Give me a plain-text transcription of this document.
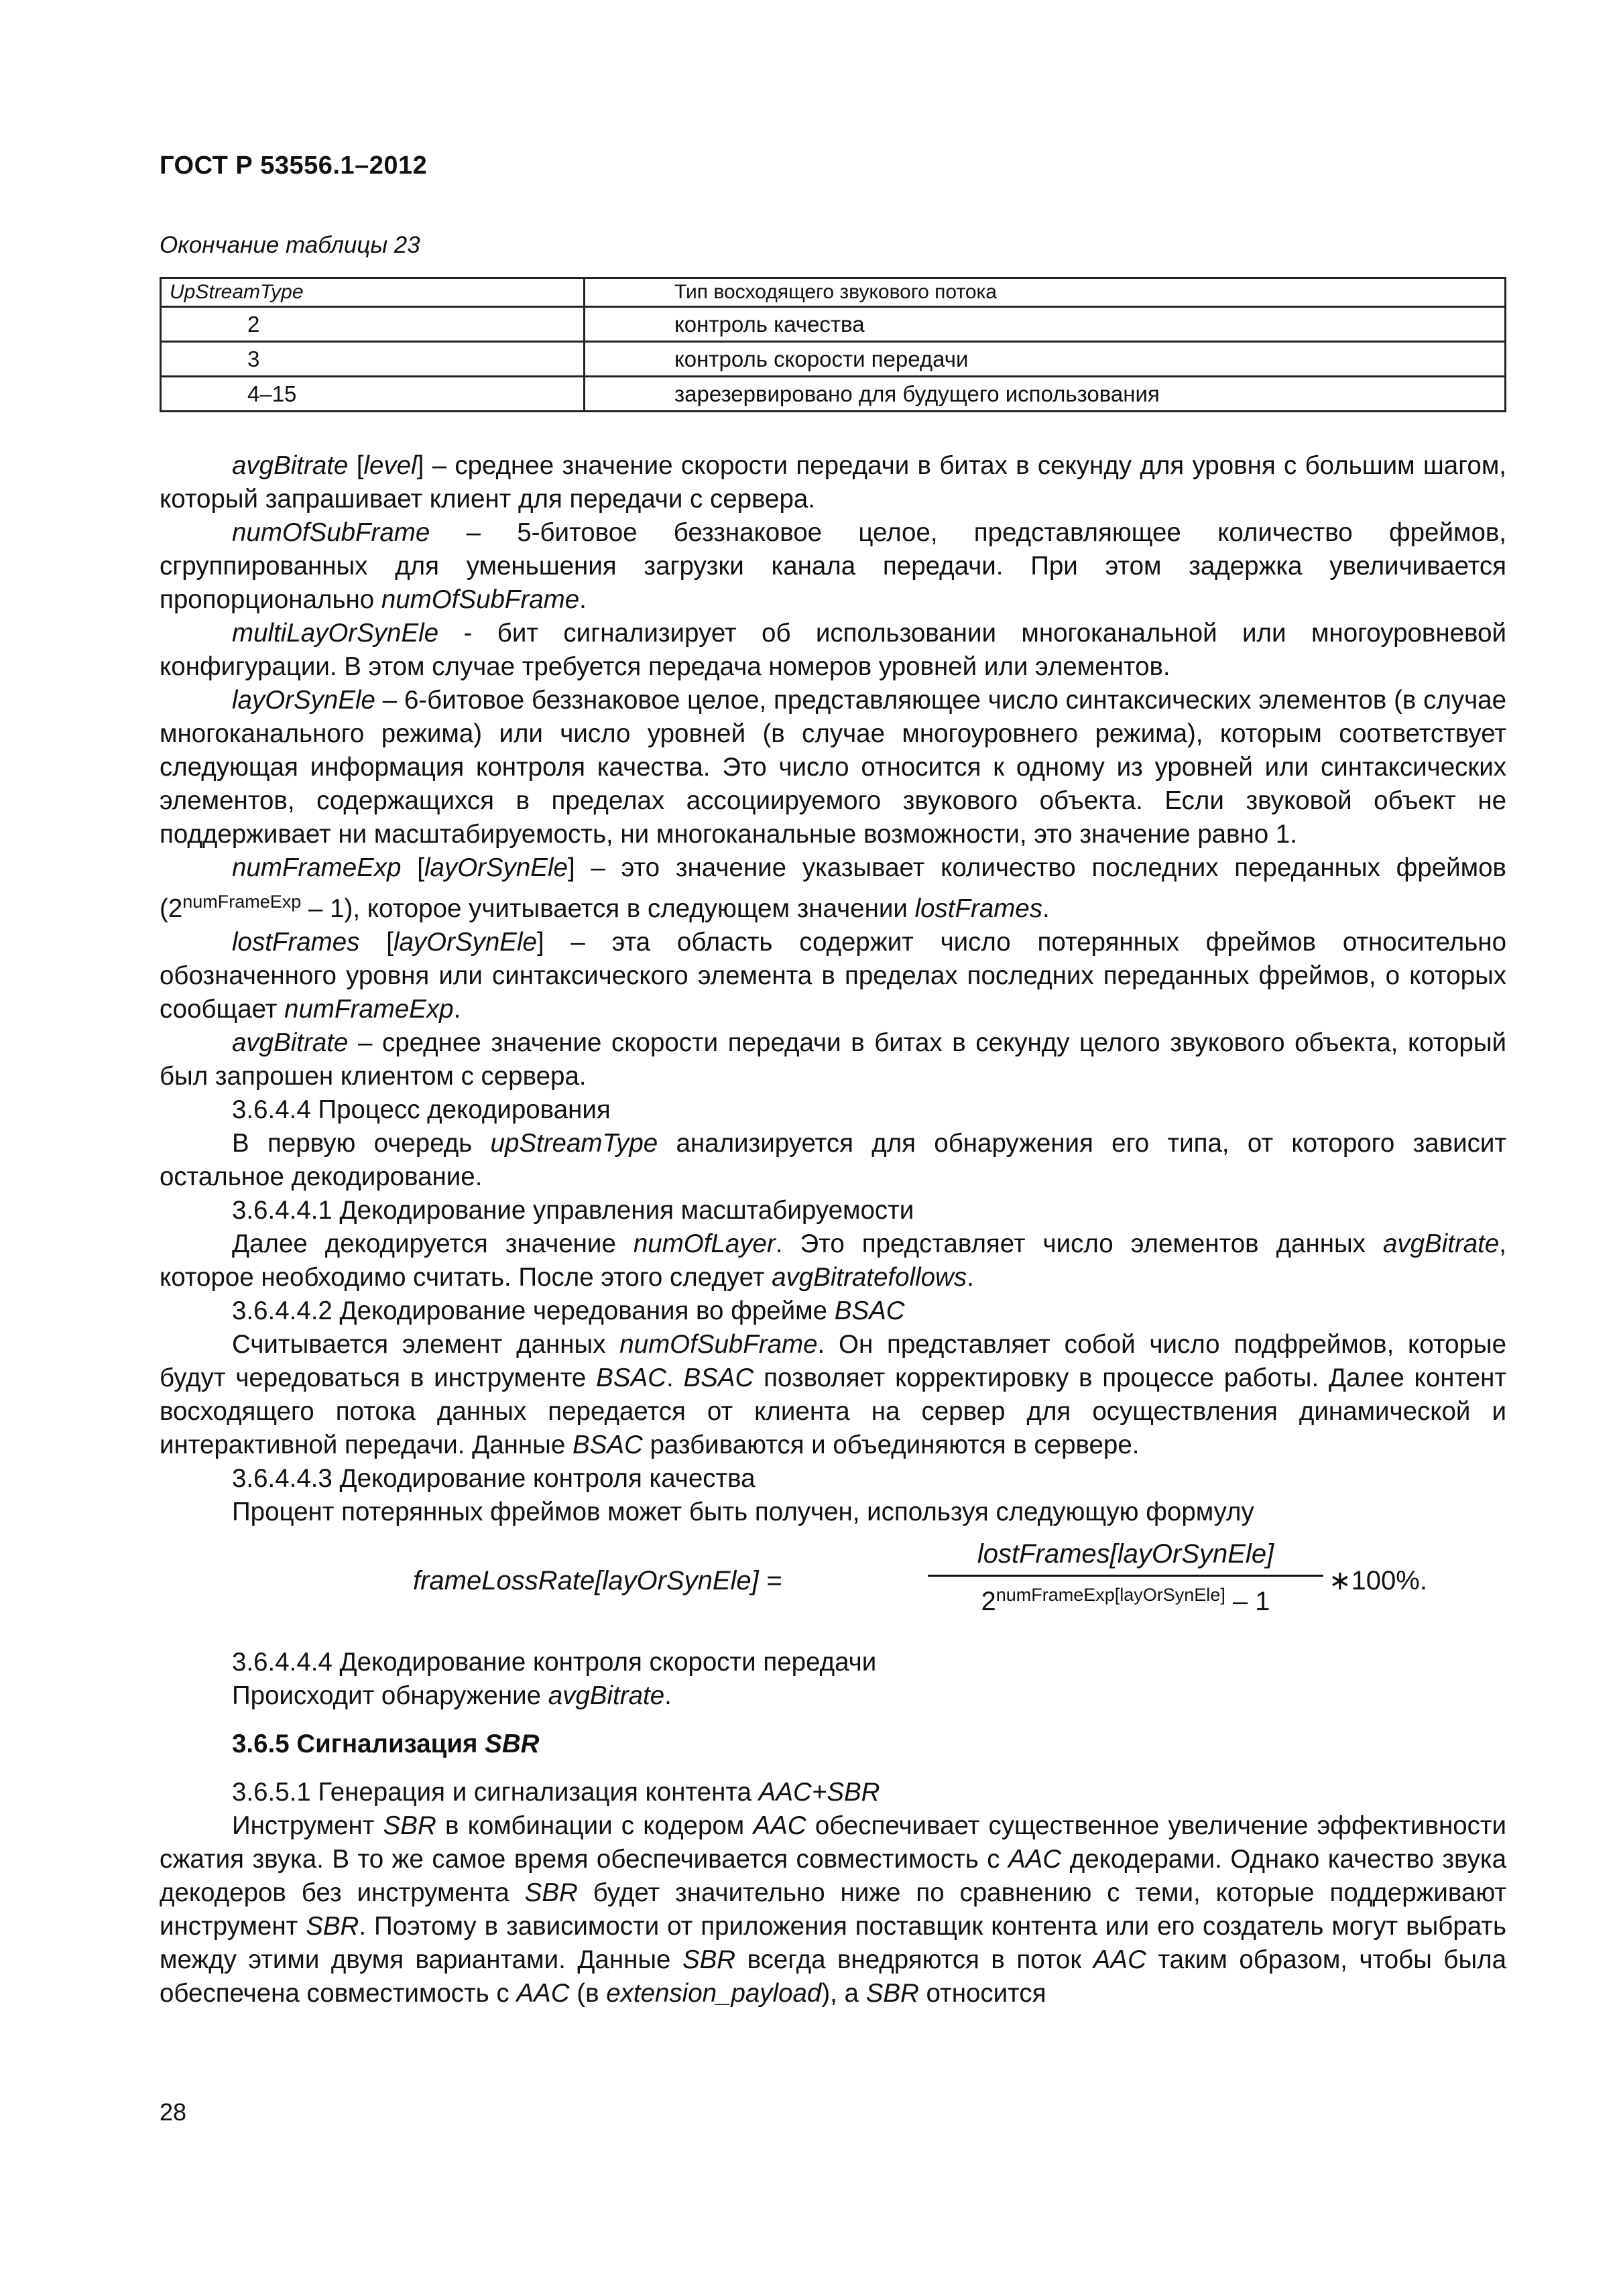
ГОСТ Р 53556.1–2012
Окончание таблицы 23
UpStreamType	Тип восходящего звукового потока
2	контроль качества
3	контроль скорости передачи
4–15	зарезервировано для будущего использования

avgBitrate [level] – среднее значение скорости передачи в битах в секунду для уровня с большим шагом, который запрашивает клиент для передачи с сервера.

numOfSubFrame – 5-битовое беззнаковое целое, представляющее количество фреймов, сгруппированных для уменьшения загрузки канала передачи. При этом задержка увеличивается пропорционально numOfSubFrame.

multiLayOrSynEle - бит сигнализирует об использовании многоканальной или многоуровневой конфигурации. В этом случае требуется передача номеров уровней или элементов.

layOrSynEle – 6-битовое беззнаковое целое, представляющее число синтаксических элементов (в случае многоканального режима) или число уровней (в случае многоуровнего режима), которым соответствует следующая информация контроля качества. Это число относится к одному из уровней или синтаксических элементов, содержащихся в пределах ассоциируемого звукового объекта. Если звуковой объект не поддерживает ни масштабируемость, ни многоканальные возможности, это значение равно 1.

numFrameExp [layOrSynEle] – это значение указывает количество последних переданных фреймов $(2^{numFrameExp} - 1)$, которое учитывается в следующем значении lostFrames.

lostFrames [layOrSynEle] – эта область содержит число потерянных фреймов относительно обозначенного уровня или синтаксического элемента в пределах последних переданных фреймов, о которых сообщает numFrameExp.

avgBitrate – среднее значение скорости передачи в битах в секунду целого звукового объекта, который был запрошен клиентом с сервера.

3.6.4.4 Процесс декодирования

В первую очередь upStreamType анализируется для обнаружения его типа, от которого зависит остальное декодирование.

3.6.4.4.1 Декодирование управления масштабируемости

Далее декодируется значение numOfLayer. Это представляет число элементов данных avgBitrate, которое необходимо считать. После этого следует avgBitratefollows.

3.6.4.4.2 Декодирование чередования во фрейме BSAC

Считывается элемент данных numOfSubFrame. Он представляет собой число подфреймов, которые будут чередоваться в инструменте BSAC. BSAC позволяет корректировку в процессе работы. Далее контент восходящего потока данных передается от клиента на сервер для осуществления динамической и интерактивной передачи. Данные BSAC разбиваются и объединяются в сервере.

3.6.4.4.3 Декодирование контроля качества

Процент потерянных фреймов может быть получен, используя следующую формулу

frameLossRate[layOrSynEle] =
lostFrames[layOrSynEle]
$2^{numFrameExp[layOrSynEle]} - 1$
∗100%.

3.6.4.4.4 Декодирование контроля скорости передачи

Происходит обнаружение avgBitrate.

3.6.5 Сигнализация SBR

3.6.5.1 Генерация и сигнализация контента AAC+SBR

Инструмент SBR в комбинации с кодером AAC обеспечивает существенное увеличение эффективности сжатия звука. В то же самое время обеспечивается совместимость с AAC декодерами. Однако качество звука декодеров без инструмента SBR будет значительно ниже по сравнению с теми, которые поддерживают инструмент SBR. Поэтому в зависимости от приложения поставщик контента или его создатель могут выбрать между этими двумя вариантами. Данные SBR всегда внедряются в поток AAC таким образом, чтобы была обеспечена совместимость с AAC (в extension_payload), а SBR относится

28
